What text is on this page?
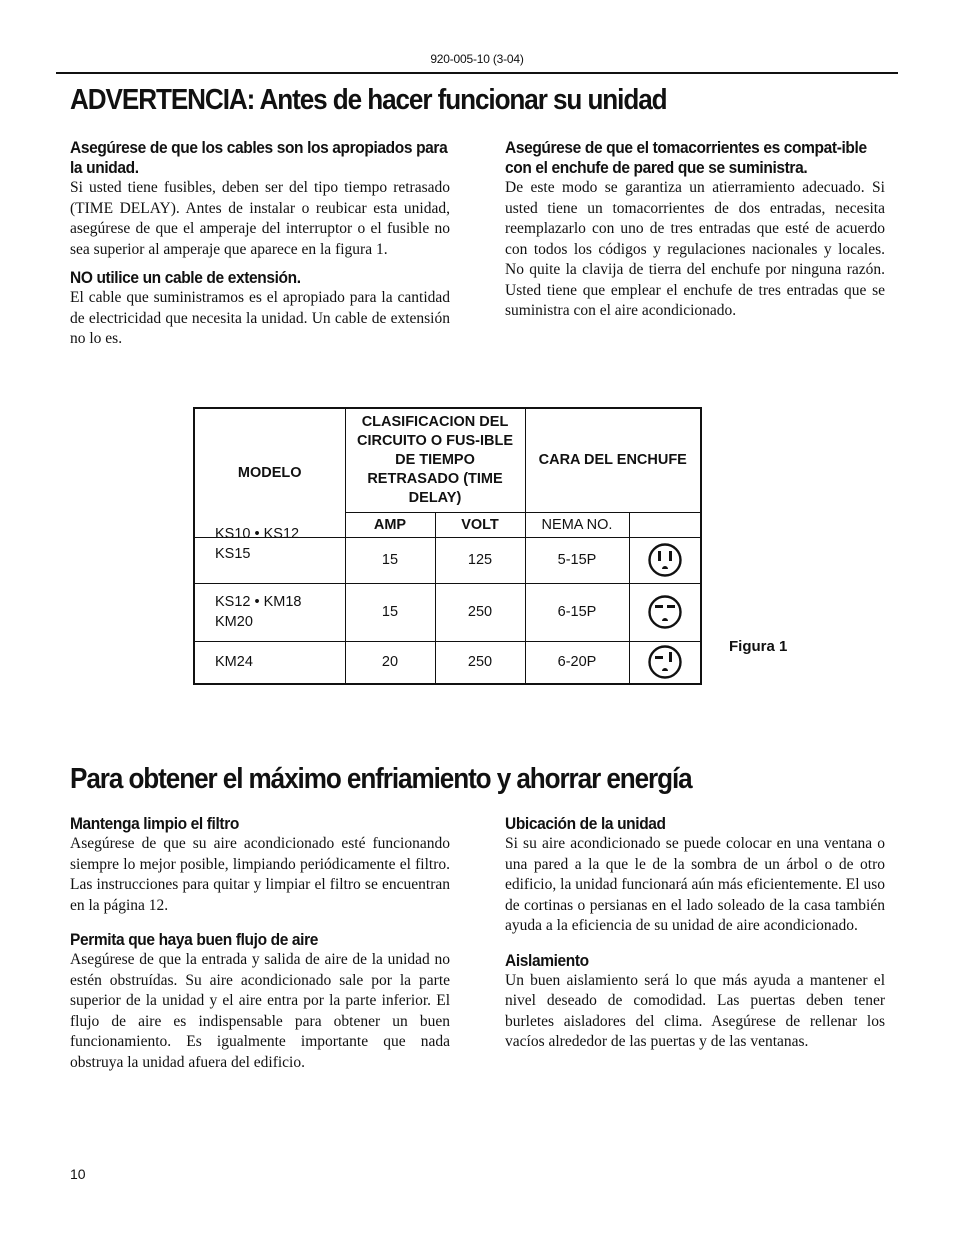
920-005-10 (3-04)
ADVERTENCIA: Antes de hacer funcionar su unidad
Asegúrese de que los cables son los apropiados para la unidad.

Si usted tiene fusibles, deben ser del tipo tiempo retrasado (TIME DELAY). Antes de instalar o reubicar esta unidad, asegúrese de que el amperaje del interruptor o el fusible no sea superior al amperaje que aparece en la figura 1.

NO utilice un cable de extensión.

El cable que suministramos es el apropiado para la cantidad de electricidad que necesita la unidad. Un cable de extensión no lo es.

Asegúrese de que el tomacorrientes es compat-ible con el enchufe de pared que se suministra.

De este modo se garantiza un atierramiento adecuado. Si usted tiene un tomacorrientes de dos entradas, necesita reemplazarlo con uno de tres entradas que esté de acuerdo con todos los códigos y regulaciones nacionales y locales. No quite la clavija de tierra del enchufe por ninguna razón. Usted tiene que emplear el enchufe de tres entradas que se suministra con el aire acondicionado.

MODELO	CLASIFICACION DEL CIRCUITO O FUS-IBLE DE TIEMPO RETRASADO (TIME DELAY)		CARA DEL ENCHUFE	
	AMP	VOLT	NEMA NO.	

KS10 • KS12
KS15	15	125	5-15P	

KS12 • KM18
KM20	15	250	6-15P	

KM24	20	250	6-20P	
Figura 1
Para obtener el máximo enfriamiento y ahorrar energía
Mantenga limpio el filtro

Asegúrese de que su aire acondicionado esté funcionando siempre lo mejor posible, limpiando periódicamente el filtro. Las instrucciones para quitar y limpiar el filtro se encuentran en la página 12.

Permita que haya buen flujo de aire

Asegúrese de que la entrada y salida de aire de la unidad no estén obstruídas. Su aire acondicionado sale por la parte superior de la unidad y el aire entra por la parte inferior. El flujo de aire es indispensable para obtener un buen funcionamiento. Es igualmente importante que nada obstruya la unidad afuera del edificio.

Ubicación de la unidad

Si su aire acondicionado se puede colocar en una ventana o una pared a la que le de la sombra de un árbol o de otro edificio, la unidad funcionará aún más eficientemente. El uso de cortinas o persianas en el lado soleado de la casa también ayuda a la eficiencia de su unidad de aire acondicionado.

Aislamiento

Un buen aislamiento será lo que más ayuda a mantener el nivel deseado de comodidad. Las puertas deben tener burletes aisladores del clima. Asegúrese de rellenar los vacíos alrededor de las puertas y de las ventanas.

10
